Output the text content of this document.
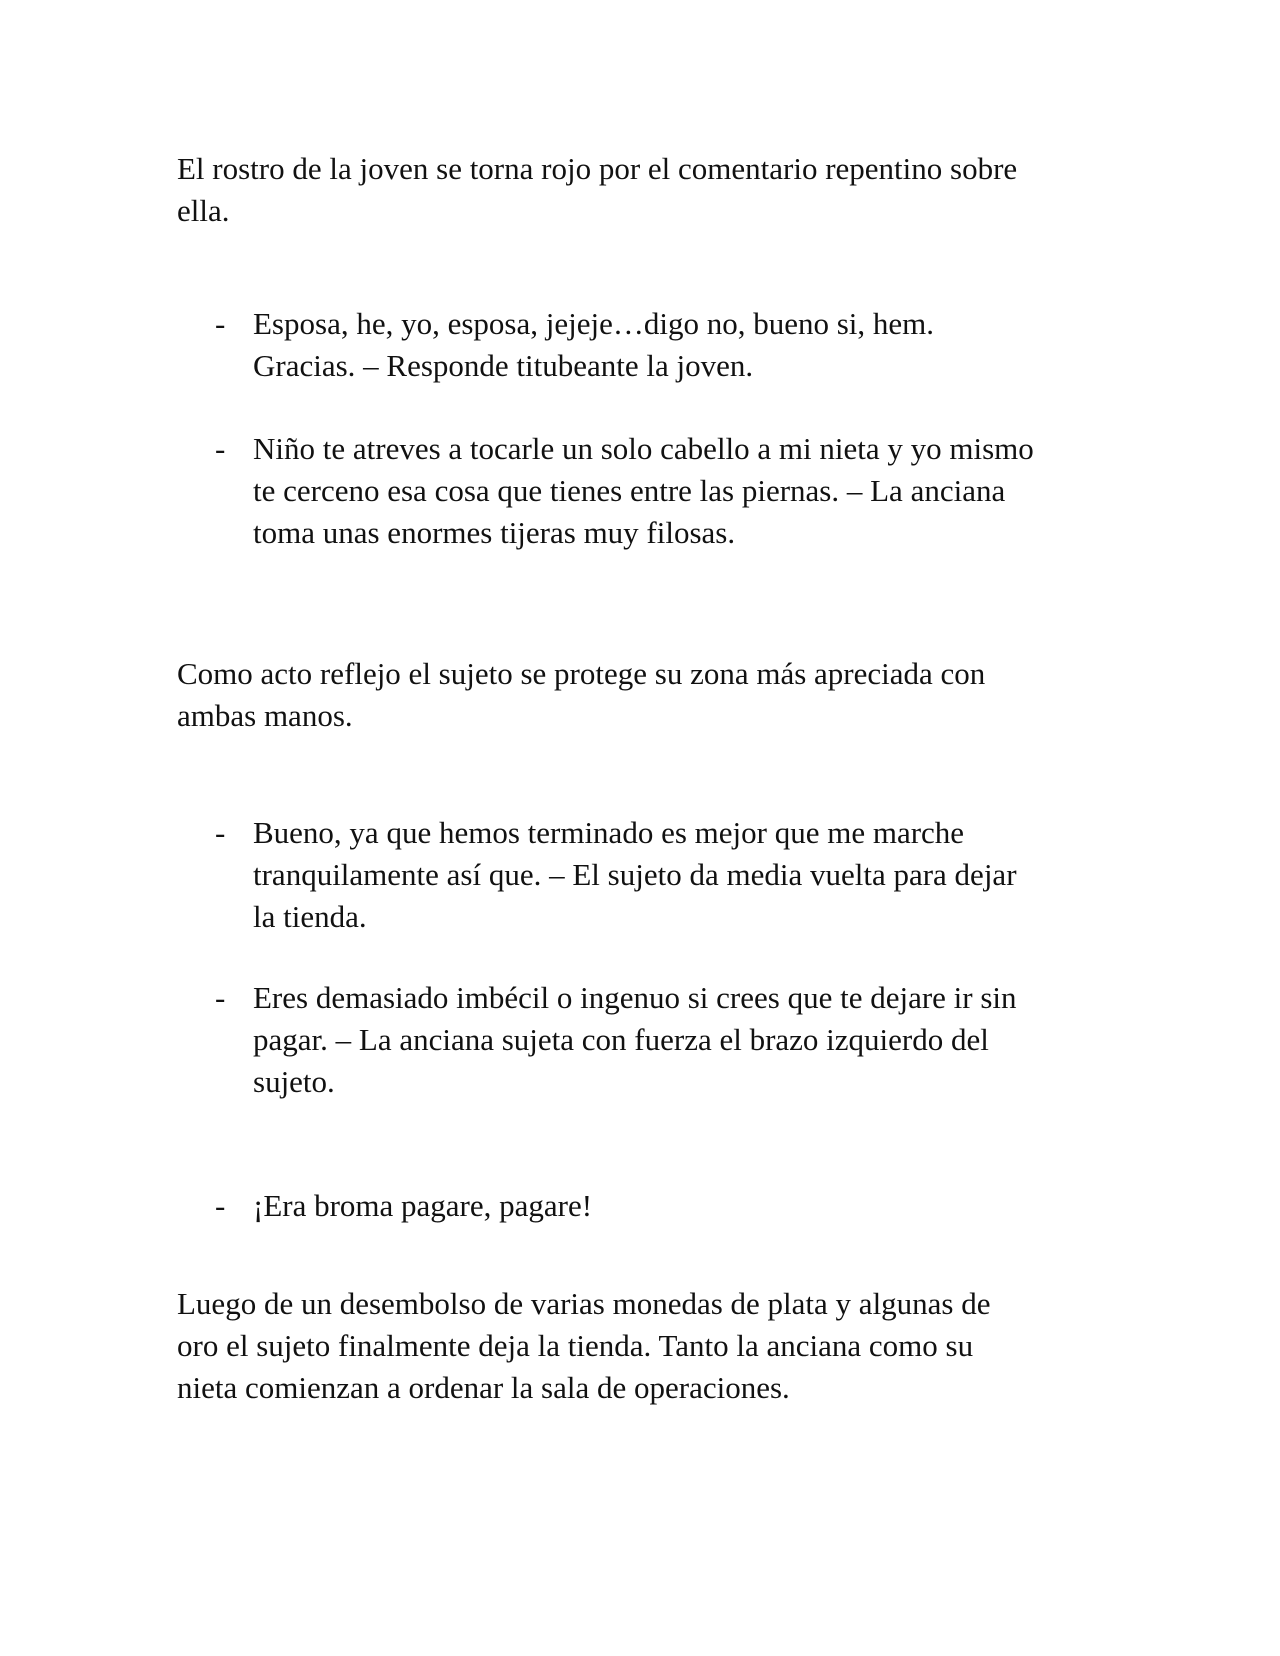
El rostro de la joven se torna rojo por el comentario repentino sobre
ella.

- Esposa, he, yo, esposa, jejeje…digo no, bueno si, hem.
Gracias. – Responde titubeante la joven.
- Niño te atreves a tocarle un solo cabello a mi nieta y yo mismo
te cerceno esa cosa que tienes entre las piernas. – La anciana
toma unas enormes tijeras muy filosas.

Como acto reflejo el sujeto se protege su zona más apreciada con
ambas manos.

- Bueno, ya que hemos terminado es mejor que me marche
tranquilamente así que. – El sujeto da media vuelta para dejar
la tienda.
- Eres demasiado imbécil o ingenuo si crees que te dejare ir sin
pagar. – La anciana sujeta con fuerza el brazo izquierdo del
sujeto.
- ¡Era broma pagare, pagare!

Luego de un desembolso de varias monedas de plata y algunas de
oro el sujeto finalmente deja la tienda. Tanto la anciana como su
nieta comienzan a ordenar la sala de operaciones.
